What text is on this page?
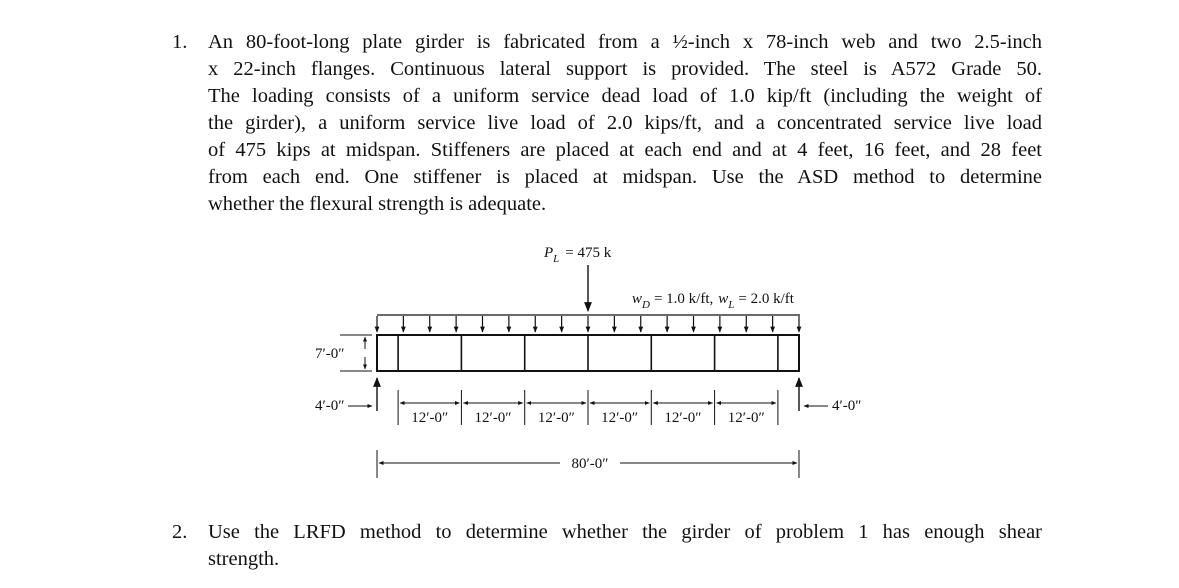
1. An 80-foot-long plate girder is fabricated from a ½-inch x 78-inch web and two 2.5-inch
x 22-inch flanges. Continuous lateral support is provided. The steel is A572 Grade 50.
The loading consists of a uniform service dead load of 1.0 kip/ft (including the weight of
the girder), a uniform service live load of 2.0 kips/ft, and a concentrated service live load
of 475 kips at midspan. Stiffeners are placed at each end and at 4 feet, 16 feet, and 28 feet
from each end. One stiffener is placed at midspan. Use the ASD method to determine
whether the flexural strength is adequate.
$P_L = 475$ k
$w_D = 1.0$ k/ft, $w_L = 2.0$ k/ft
7′-0″
12′-0″ 12′-0″ 12′-0″ 12′-0″ 12′-0″ 12′-0″
4′-0″	4′-0″
80′-0″
2. Use the LRFD method to determine whether the girder of problem 1 has enough shear
strength.
